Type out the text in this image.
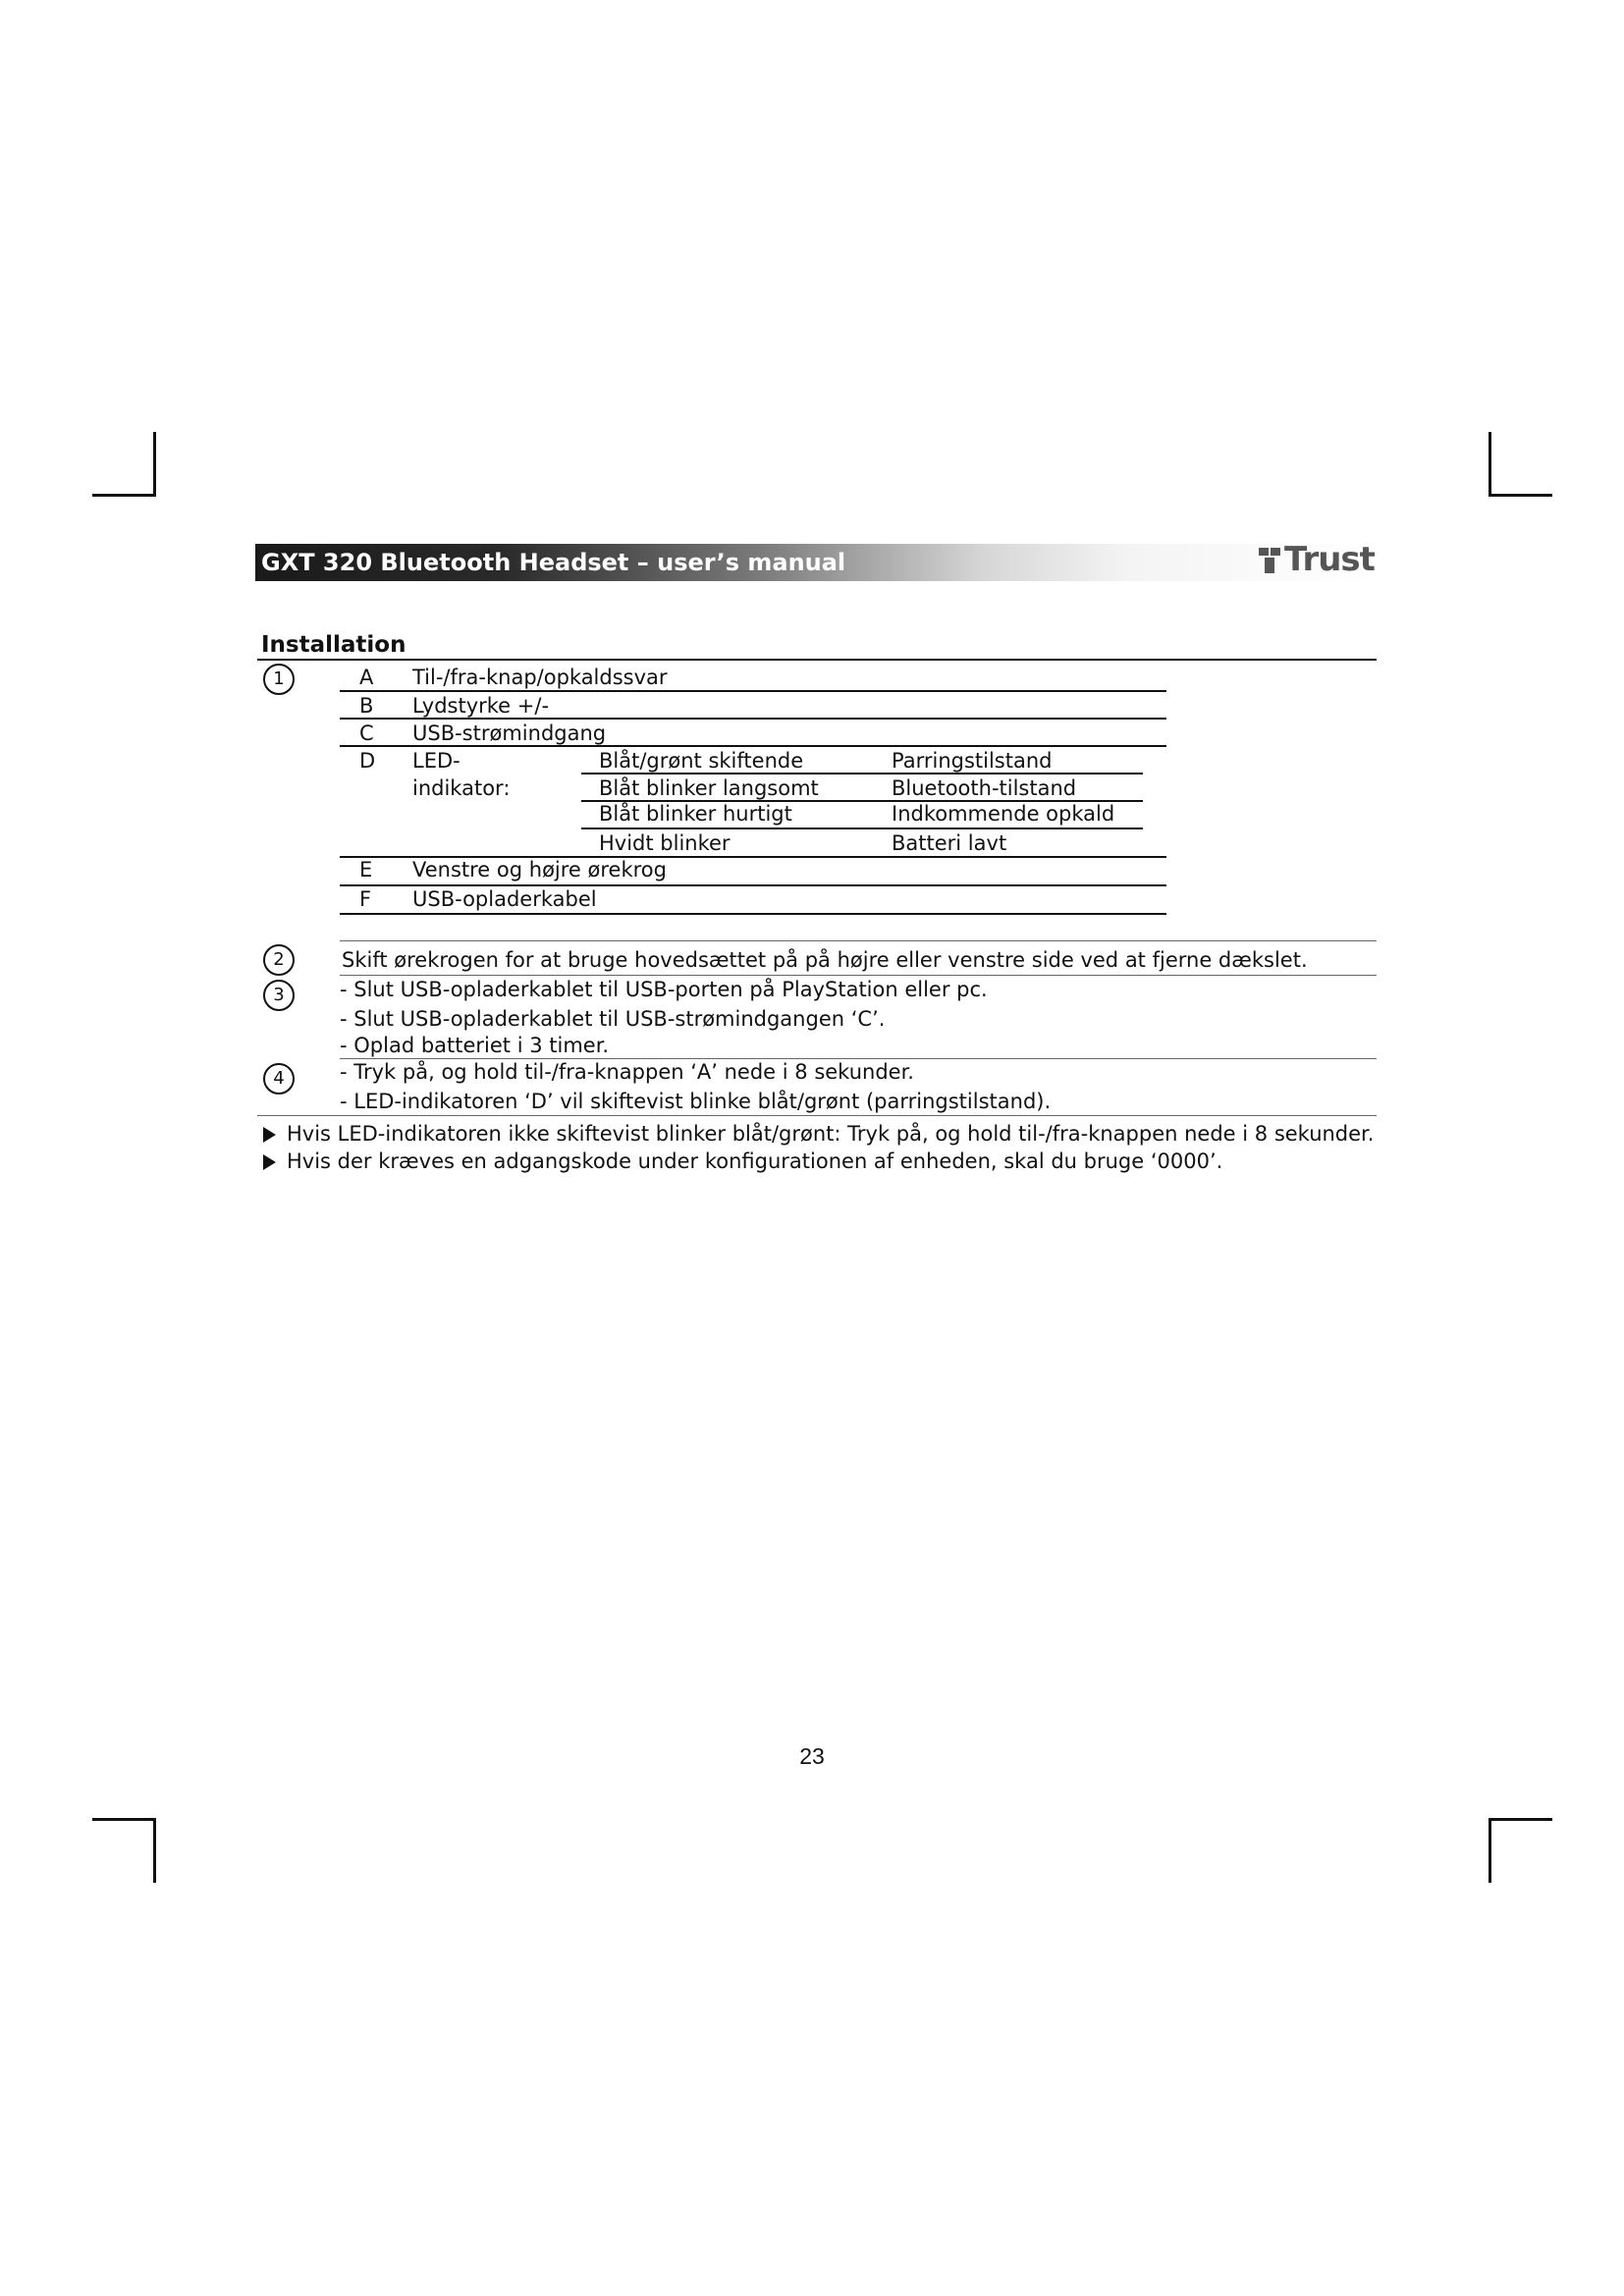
GXT 320 Bluetooth Headset – user’s manual	Trust
Installation
1	A Til-/fra-knap/opkaldssvar
B Lydstyrke +/-
C USB-strømindgang
D LED-
indikator:
Blåt/grønt skiftende	Parringstilstand
Blåt blinker langsomt	Bluetooth-tilstand
Blåt blinker hurtigt	Indkommende opkald
Hvidt blinker	Batteri lavt
E Venstre og højre ørekrog
F USB-opladerkabel
2	Skift ørekrogen for at bruge hovedsættet på på højre eller venstre side ved at fjerne dækslet.
3	- Slut USB-opladerkablet til USB-porten på PlayStation eller pc.
- Slut USB-opladerkablet til USB-strømindgangen ‘C’.
- Oplad batteriet i 3 timer.
4	- Tryk på, og hold til-/fra-knappen ‘A’ nede i 8 sekunder.
- LED-indikatoren ‘D’ vil skiftevist blinke blåt/grønt (parringstilstand).
Hvis LED-indikatoren ikke skiftevist blinker blåt/grønt: Tryk på, og hold til-/fra-knappen nede i 8 sekunder.
Hvis der kræves en adgangskode under konfigurationen af enheden, skal du bruge ‘0000’.
23
